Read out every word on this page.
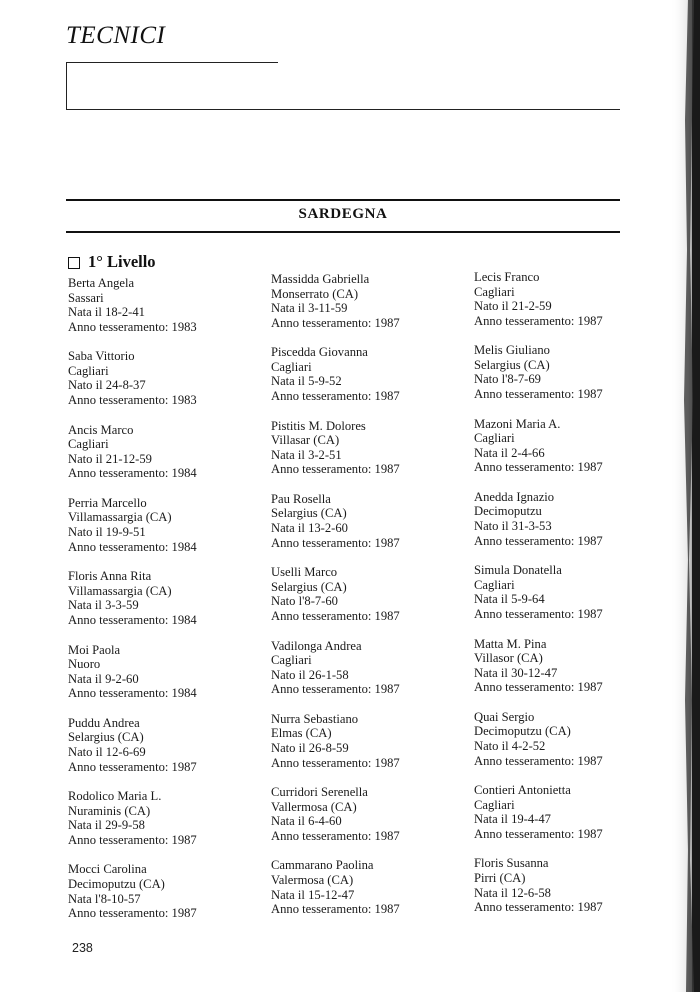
TECNICI
SARDEGNA
1° Livello
Berta Angela
Sassari
Nata il 18-2-41
Anno tesseramento: 1983
Saba Vittorio
Cagliari
Nato il 24-8-37
Anno tesseramento: 1983
Ancis Marco
Cagliari
Nato il 21-12-59
Anno tesseramento: 1984
Perria Marcello
Villamassargia (CA)
Nato il 19-9-51
Anno tesseramento: 1984
Floris Anna Rita
Villamassargia (CA)
Nata il 3-3-59
Anno tesseramento: 1984
Moi Paola
Nuoro
Nata il 9-2-60
Anno tesseramento: 1984
Puddu Andrea
Selargius (CA)
Nato il 12-6-69
Anno tesseramento: 1987
Rodolico Maria L.
Nuraminis (CA)
Nata il 29-9-58
Anno tesseramento: 1987
Mocci Carolina
Decimoputzu (CA)
Nata l'8-10-57
Anno tesseramento: 1987
Massidda Gabriella
Monserrato (CA)
Nata il 3-11-59
Anno tesseramento: 1987
Piscedda Giovanna
Cagliari
Nata il 5-9-52
Anno tesseramento: 1987
Pistitis M. Dolores
Villasar (CA)
Nata il 3-2-51
Anno tesseramento: 1987
Pau Rosella
Selargius (CA)
Nata il 13-2-60
Anno tesseramento: 1987
Uselli Marco
Selargius (CA)
Nato l'8-7-60
Anno tesseramento: 1987
Vadilonga Andrea
Cagliari
Nato il 26-1-58
Anno tesseramento: 1987
Nurra Sebastiano
Elmas (CA)
Nato il 26-8-59
Anno tesseramento: 1987
Curridori Serenella
Vallermosa (CA)
Nata il 6-4-60
Anno tesseramento: 1987
Cammarano Paolina
Valermosa (CA)
Nata il 15-12-47
Anno tesseramento: 1987
Lecis Franco
Cagliari
Nato il 21-2-59
Anno tesseramento: 1987
Melis Giuliano
Selargius (CA)
Nato l'8-7-69
Anno tesseramento: 1987
Mazoni Maria A.
Cagliari
Nata il 2-4-66
Anno tesseramento: 1987
Anedda Ignazio
Decimoputzu
Nato il 31-3-53
Anno tesseramento: 1987
Simula Donatella
Cagliari
Nata il 5-9-64
Anno tesseramento: 1987
Matta M. Pina
Villasor (CA)
Nata il 30-12-47
Anno tesseramento: 1987
Quai Sergio
Decimoputzu (CA)
Nato il 4-2-52
Anno tesseramento: 1987
Contieri Antonietta
Cagliari
Nata il 19-4-47
Anno tesseramento: 1987
Floris Susanna
Pirri (CA)
Nata il 12-6-58
Anno tesseramento: 1987
238
